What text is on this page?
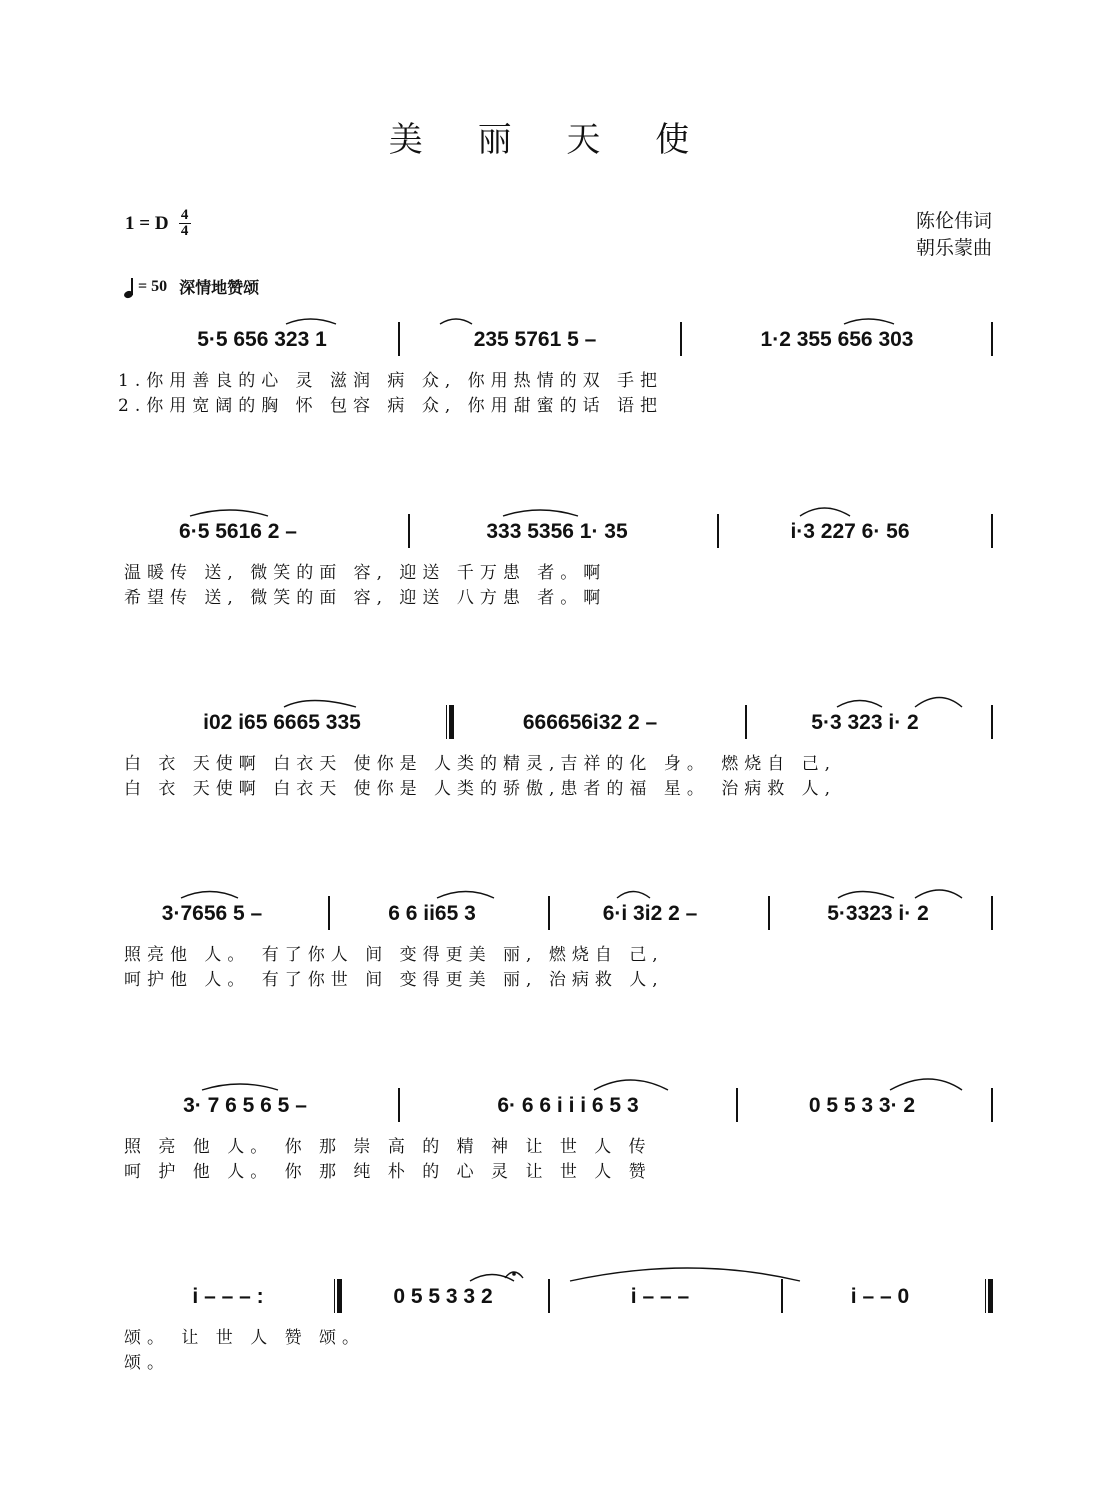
美 丽 天 使
1 = D $\frac{4}{4}$	陈伦伟词
朝乐蒙曲
= 50 深情地赞颂
5·5 656 323 1	235 5761 5 –	1·2 355 656 303
1.你用善良的心 灵 滋润 病 众, 你用热情的双 手把
2.你用宽阔的胸 怀 包容 病 众, 你用甜蜜的话 语把
6·5 5616 2 –	333 5356 1· 35	i·3 227 6· 56
温暖传 送, 微笑的面 容, 迎送 千万患 者。啊
希望传 送, 微笑的面 容, 迎送 八方患 者。啊
i02 i65 6665 335	666656i32 2 –	5·3 323 i· 2
白 衣 天使啊 白衣天 使你是 人类的精灵,吉祥的化 身。 燃烧自 己,
白 衣 天使啊 白衣天 使你是 人类的骄傲,患者的福 星。 治病救 人,
3·7656 5 –	6 6 ii65 3	6·i 3i2 2 –	5·3323 i· 2
照亮他 人。 有了你人 间 变得更美 丽, 燃烧自 己,
呵护他 人。 有了你世 间 变得更美 丽, 治病救 人,
3· 7 6 5 6 5 –	6· 6 6 i i i 6 5 3	0 5 5 3 3· 2
照 亮 他 人。 你 那 崇 高 的 精 神 让 世 人 传
呵 护 他 人。 你 那 纯 朴 的 心 灵 让 世 人 赞
i – – – :	0 5 5 3 3 2	i – – –	i – – 0
颂。 让 世 人 赞 颂。
颂。
